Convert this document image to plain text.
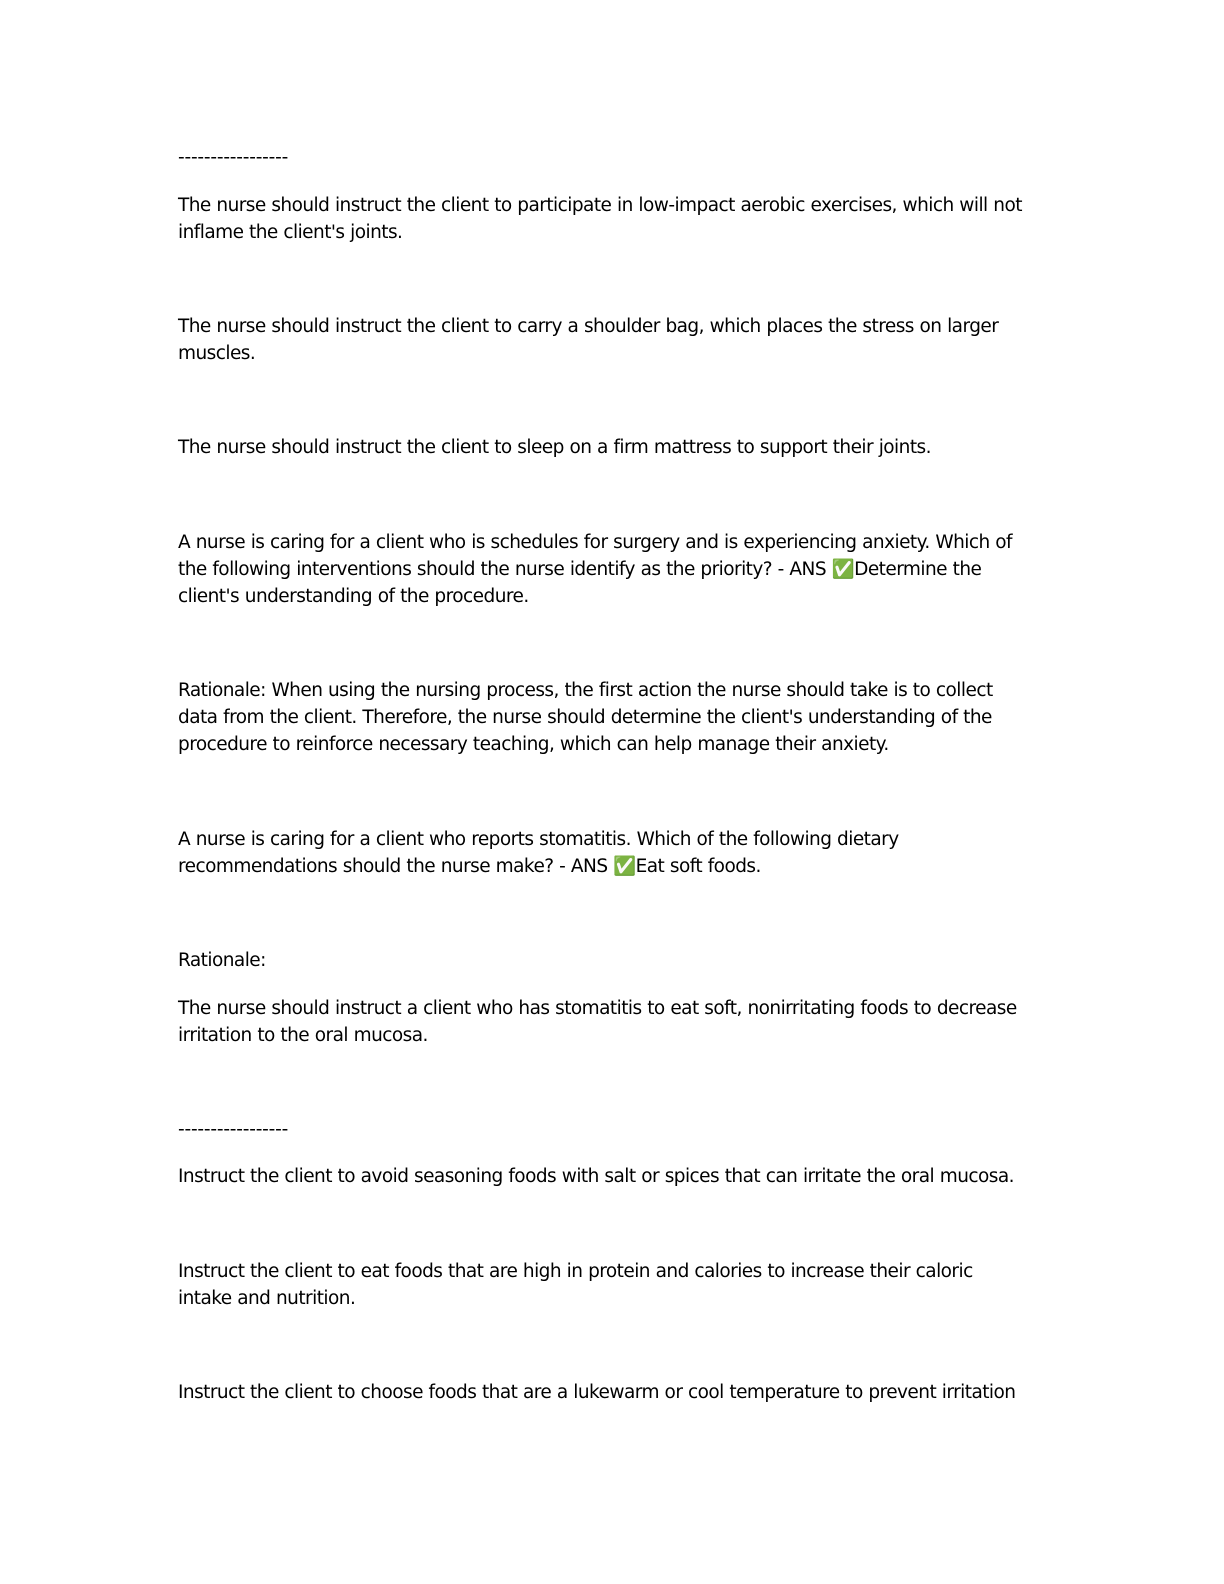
-----------------

The nurse should instruct the client to participate in low-impact aerobic exercises, which will not

inflame the client's joints.

The nurse should instruct the client to carry a shoulder bag, which places the stress on larger

muscles.

The nurse should instruct the client to sleep on a firm mattress to support their joints.

A nurse is caring for a client who is schedules for surgery and is experiencing anxiety. Which of

the following interventions should the nurse identify as the priority? - ANS ✅Determine the

client's understanding of the procedure.

Rationale: When using the nursing process, the first action the nurse should take is to collect

data from the client. Therefore, the nurse should determine the client's understanding of the

procedure to reinforce necessary teaching, which can help manage their anxiety.

A nurse is caring for a client who reports stomatitis. Which of the following dietary

recommendations should the nurse make? - ANS ✅Eat soft foods.

Rationale:

The nurse should instruct a client who has stomatitis to eat soft, nonirritating foods to decrease

irritation to the oral mucosa.

-----------------

Instruct the client to avoid seasoning foods with salt or spices that can irritate the oral mucosa.

Instruct the client to eat foods that are high in protein and calories to increase their caloric

intake and nutrition.

Instruct the client to choose foods that are a lukewarm or cool temperature to prevent irritation
